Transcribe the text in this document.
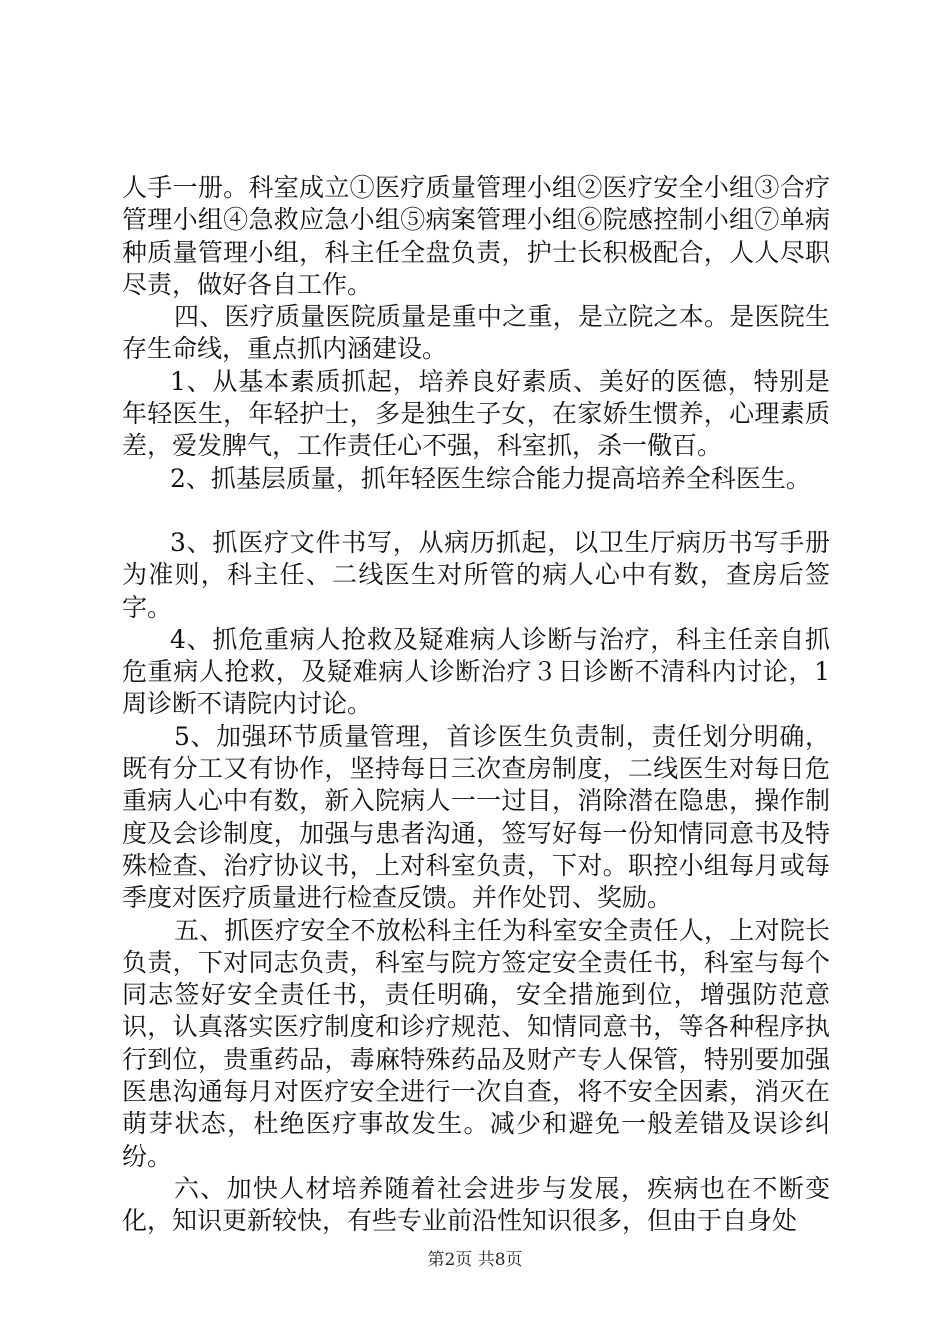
人手一册。科室成立①医疗质量管理小组②医疗安全小组③合疗管理小组④急救应急小组⑤病案管理小组⑥院感控制小组⑦单病种质量管理小组，科主任全盘负责，护士长积极配合，人人尽职尽责，做好各自工作。

四、医疗质量医院质量是重中之重，是立院之本。是医院生存生命线，重点抓内涵建设。

1、从基本素质抓起，培养良好素质、美好的医德，特别是年轻医生，年轻护士，多是独生子女，在家娇生惯养，心理素质差，爱发脾气，工作责任心不强，科室抓，杀一儆百。

2、抓基层质量，抓年轻医生综合能力提高培养全科医生。

3、抓医疗文件书写，从病历抓起，以卫生厅病历书写手册为准则，科主任、二线医生对所管的病人心中有数，查房后签字。

4、抓危重病人抢救及疑难病人诊断与治疗，科主任亲自抓危重病人抢救，及疑难病人诊断治疗３日诊断不清科内讨论，1周诊断不请院内讨论。

5、加强环节质量管理，首诊医生负责制，责任划分明确，既有分工又有协作，坚持每日三次查房制度，二线医生对每日危重病人心中有数，新入院病人一一过目，消除潜在隐患，操作制度及会诊制度，加强与患者沟通，签写好每一份知情同意书及特殊检查、治疗协议书，上对科室负责，下对。职控小组每月或每季度对医疗质量进行检查反馈。并作处罚、奖励。

五、抓医疗安全不放松科主任为科室安全责任人，上对院长负责，下对同志负责，科室与院方签定安全责任书，科室与每个同志签好安全责任书，责任明确，安全措施到位，增强防范意识，认真落实医疗制度和诊疗规范、知情同意书，等各种程序执行到位，贵重药品，毒麻特殊药品及财产专人保管，特别要加强医患沟通每月对医疗安全进行一次自查，将不安全因素，消灭在萌芽状态，杜绝医疗事故发生。减少和避免一般差错及误诊纠纷。

六、加快人材培养随着社会进步与发展，疾病也在不断变化，知识更新较快，有些专业前沿性知识很多，但由于自身处

第2页 共8页
